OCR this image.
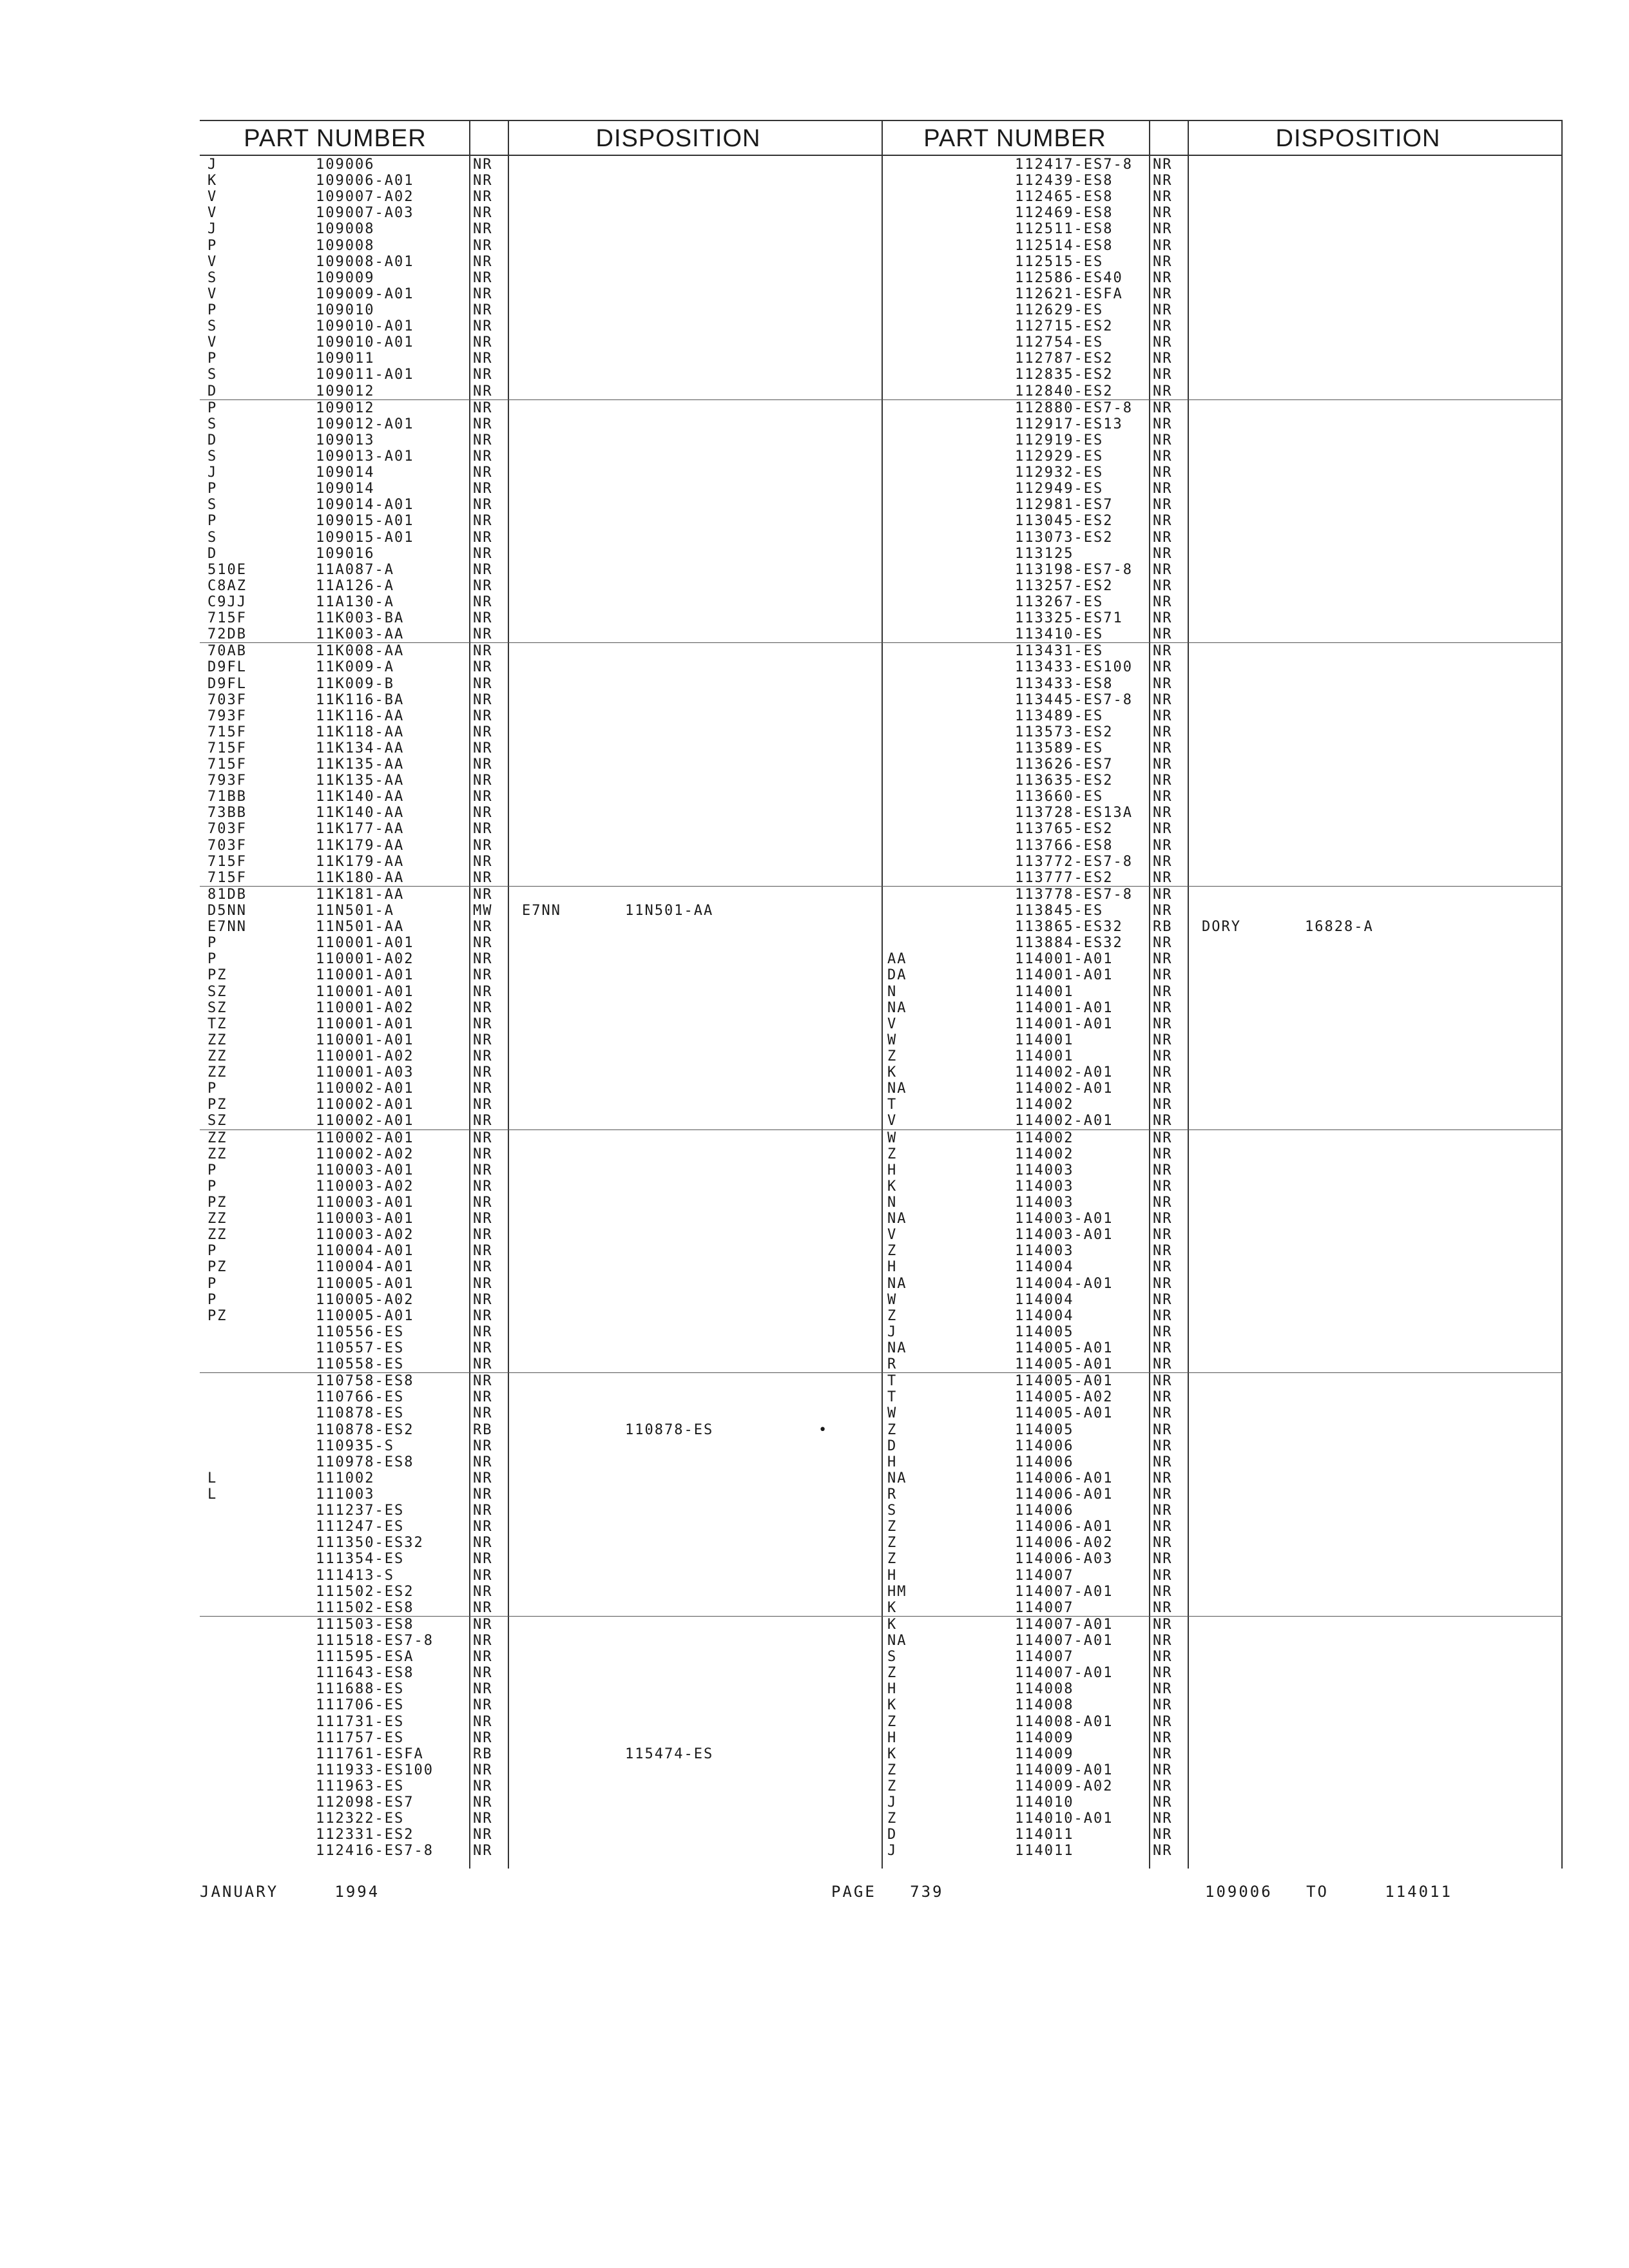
PART NUMBER	DISPOSITION
J	109006	NR
K	109006-A01	NR
V	109007-A02	NR
V	109007-A03	NR
J	109008	NR
P	109008	NR
V	109008-A01	NR
S	109009	NR
V	109009-A01	NR
P	109010	NR
S	109010-A01	NR
V	109010-A01	NR
P	109011	NR
S	109011-A01	NR
D	109012	NR
P	109012	NR
S	109012-A01	NR
D	109013	NR
S	109013-A01	NR
J	109014	NR
P	109014	NR
S	109014-A01	NR
P	109015-A01	NR
S	109015-A01	NR
D	109016	NR
510E	11A087-A	NR
C8AZ	11A126-A	NR
C9JJ	11A130-A	NR
715F	11K003-BA	NR
72DB	11K003-AA	NR
70AB	11K008-AA	NR
D9FL	11K009-A	NR
D9FL	11K009-B	NR
703F	11K116-BA	NR
793F	11K116-AA	NR
715F	11K118-AA	NR
715F	11K134-AA	NR
715F	11K135-AA	NR
793F	11K135-AA	NR
71BB	11K140-AA	NR
73BB	11K140-AA	NR
703F	11K177-AA	NR
703F	11K179-AA	NR
715F	11K179-AA	NR
715F	11K180-AA	NR
81DB	11K181-AA	NR
D5NN	11N501-A	MW E7NN	11N501-AA
E7NN	11N501-AA	NR
P	110001-A01	NR
P	110001-A02	NR
PZ	110001-A01	NR
SZ	110001-A01	NR
SZ	110001-A02	NR
TZ	110001-A01	NR
ZZ	110001-A01	NR
ZZ	110001-A02	NR
ZZ	110001-A03	NR
P	110002-A01	NR
PZ	110002-A01	NR
SZ	110002-A01	NR
ZZ	110002-A01	NR
ZZ	110002-A02	NR
P	110003-A01	NR
P	110003-A02	NR
PZ	110003-A01	NR
ZZ	110003-A01	NR
ZZ	110003-A02	NR
P	110004-A01	NR
PZ	110004-A01	NR
P	110005-A01	NR
P	110005-A02	NR
PZ	110005-A01	NR
110556-ES	NR
110557-ES	NR
110558-ES	NR
110758-ES8	NR
110766-ES	NR
110878-ES	NR
110878-ES2	RB	110878-ES	•
110935-S	NR
110978-ES8	NR
L	111002	NR
L	111003	NR
111237-ES	NR
111247-ES	NR
111350-ES32	NR
111354-ES	NR
111413-S	NR
111502-ES2	NR
111502-ES8	NR
111503-ES8	NR
111518-ES7-8	NR
111595-ESA	NR
111643-ES8	NR
111688-ES	NR
111706-ES	NR
111731-ES	NR
111757-ES	NR
111761-ESFA	RB	115474-ES
111933-ES100	NR
111963-ES	NR
112098-ES7	NR
112322-ES	NR
112331-ES2	NR
112416-ES7-8	NR
PART NUMBER	DISPOSITION
112417-ES7-8 NR
112439-ES8	NR
112465-ES8	NR
112469-ES8	NR
112511-ES8	NR
112514-ES8	NR
112515-ES	NR
112586-ES40 NR
112621-ESFA NR
112629-ES	NR
112715-ES2	NR
112754-ES	NR
112787-ES2	NR
112835-ES2	NR
112840-ES2	NR
112880-ES7-8 NR
112917-ES13 NR
112919-ES	NR
112929-ES	NR
112932-ES	NR
112949-ES	NR
112981-ES7	NR
113045-ES2	NR
113073-ES2	NR
113125	NR
113198-ES7-8 NR
113257-ES2	NR
113267-ES	NR
113325-ES71 NR
113410-ES	NR
113431-ES	NR
113433-ES100 NR
113433-ES8	NR
113445-ES7-8 NR
113489-ES	NR
113573-ES2	NR
113589-ES	NR
113626-ES7	NR
113635-ES2	NR
113660-ES	NR
113728-ES13A NR
113765-ES2	NR
113766-ES8	NR
113772-ES7-8 NR
113777-ES2	NR
113778-ES7-8 NR
113845-ES	NR
113865-ES32 RB DORY	16828-A
113884-ES32 NR
AA	114001-A01	NR
DA	114001-A01	NR
N	114001	NR
NA	114001-A01	NR
V	114001-A01	NR
W	114001	NR
Z	114001	NR
K	114002-A01	NR
NA	114002-A01	NR
T	114002	NR
V	114002-A01	NR
W	114002	NR
Z	114002	NR
H	114003	NR
K	114003	NR
N	114003	NR
NA	114003-A01	NR
V	114003-A01	NR
Z	114003	NR
H	114004	NR
NA	114004-A01	NR
W	114004	NR
Z	114004	NR
J	114005	NR
NA	114005-A01	NR
R	114005-A01	NR
T	114005-A01	NR
T	114005-A02	NR
W	114005-A01	NR
Z	114005	NR
D	114006	NR
H	114006	NR
NA	114006-A01	NR
R	114006-A01	NR
S	114006	NR
Z	114006-A01	NR
Z	114006-A02	NR
Z	114006-A03	NR
H	114007	NR
HM	114007-A01	NR
K	114007	NR
K	114007-A01	NR
NA	114007-A01	NR
S	114007	NR
Z	114007-A01	NR
H	114008	NR
K	114008	NR
Z	114008-A01	NR
H	114009	NR
K	114009	NR
Z	114009-A01	NR
Z	114009-A02	NR
J	114010	NR
Z	114010-A01	NR
D	114011	NR
J	114011	NR
JANUARY	1994	PAGE 739	109006 TO	114011
